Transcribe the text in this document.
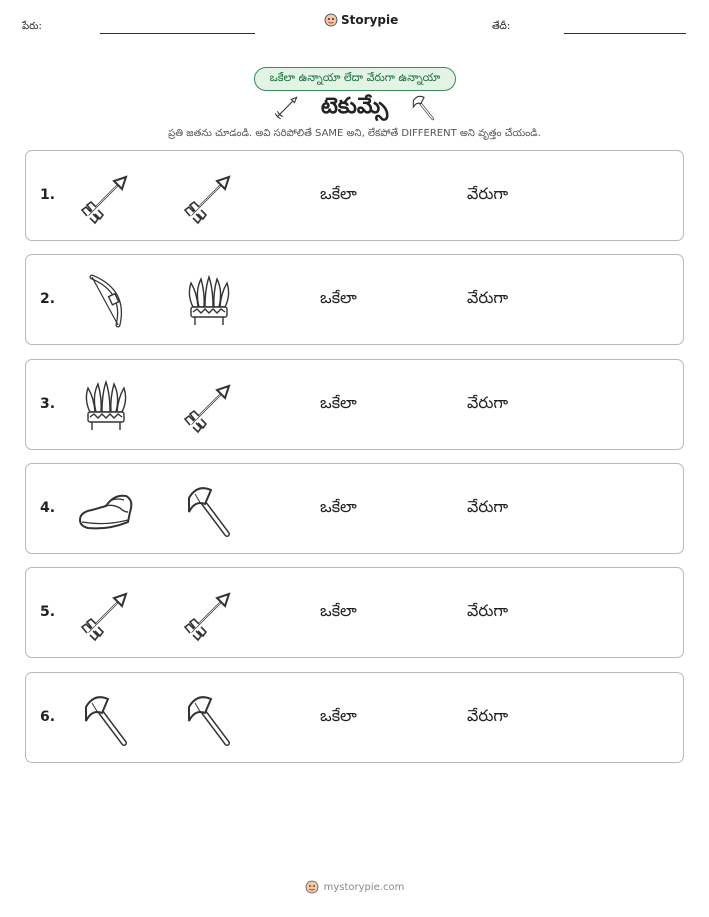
పేరు:	Storypie	తేదీ:
ఒకేలా ఉన్నాయా లేదా వేరుగా ఉన్నాయా
టెకుమ్సే
ప్రతి జతను చూడండి. అవి సరిపోలితే SAME అని, లేకపోతే DIFFERENT అని వృత్తం చేయండి.
1.	ఒకేలా	వేరుగా
2.	ఒకేలా	వేరుగా
3.	ఒకేలా	వేరుగా
4.	ఒకేలా	వేరుగా
5.	ఒకేలా	వేరుగా
6.	ఒకేలా	వేరుగా
mystorypie.com
